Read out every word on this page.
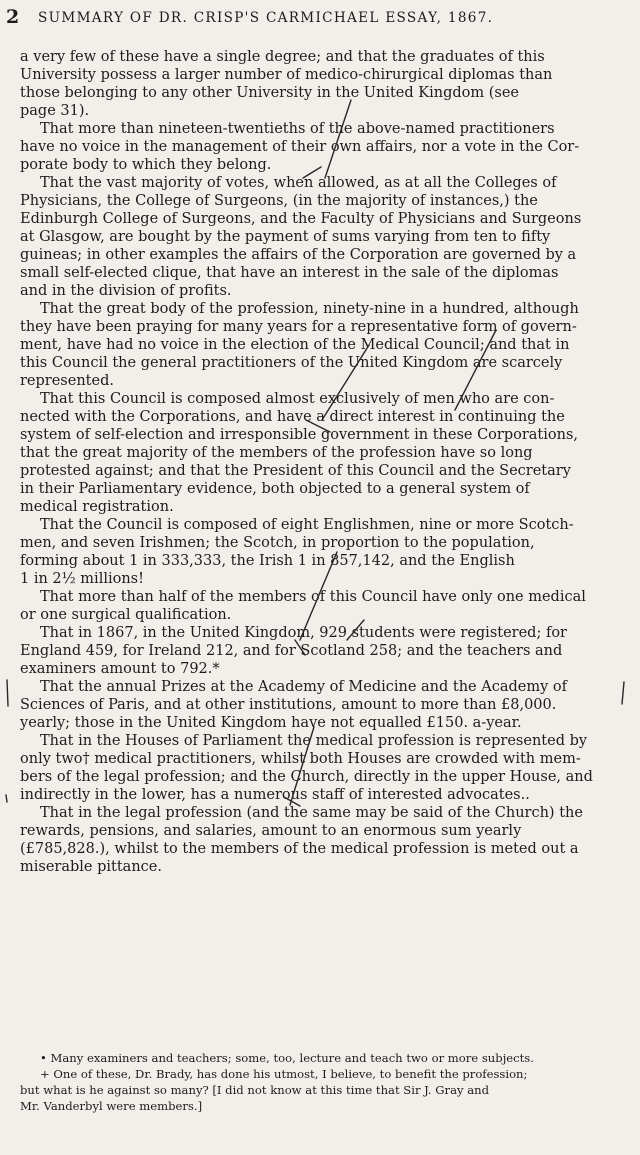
2 SUMMARY OF DR. CRISP'S CARMICHAEL ESSAY, 1867.
a very few of these have a single degree; and that the graduates of this
University possess a larger number of medico-chirurgical diplomas than
those belonging to any other University in the United Kingdom (see
page 31).
That more than nineteen-twentieths of the above-named practitioners
have no voice in the management of their own affairs, nor a vote in the Cor-
porate body to which they belong.
That the vast majority of votes, when allowed, as at all the Colleges of
Physicians, the College of Surgeons, (in the majority of instances,) the
Edinburgh College of Surgeons, and the Faculty of Physicians and Surgeons
at Glasgow, are bought by the payment of sums varying from ten to fifty
guineas; in other examples the affairs of the Corporation are governed by a
small self-elected clique, that have an interest in the sale of the diplomas
and in the division of profits.
That the great body of the profession, ninety-nine in a hundred, although
they have been praying for many years for a representative form of govern-
ment, have had no voice in the election of the Medical Council; and that in
this Council the general practitioners of the United Kingdom are scarcely
represented.
That this Council is composed almost exclusively of men who are con-
nected with the Corporations, and have a direct interest in continuing the
system of self-election and irresponsible government in these Corporations,
that the great majority of the members of the profession have so long
protested against; and that the President of this Council and the Secretary
in their Parliamentary evidence, both objected to a general system of
medical registration.
That the Council is composed of eight Englishmen, nine or more Scotch-
men, and seven Irishmen; the Scotch, in proportion to the population,
forming about 1 in 333,333, the Irish 1 in 857,142, and the English
1 in 2½ millions!
That more than half of the members of this Council have only one medical
or one surgical qualification.
That in 1867, in the United Kingdom, 929 students were registered; for
England 459, for Ireland 212, and for Scotland 258; and the teachers and
examiners amount to 792.*
That the annual Prizes at the Academy of Medicine and the Academy of
Sciences of Paris, and at other institutions, amount to more than £8,000.
yearly; those in the United Kingdom have not equalled £150. a-year.
That in the Houses of Parliament the medical profession is represented by
only two† medical practitioners, whilst both Houses are crowded with mem-
bers of the legal profession; and the Church, directly in the upper House, and
indirectly in the lower, has a numerous staff of interested advocates..
That in the legal profession (and the same may be said of the Church) the
rewards, pensions, and salaries, amount to an enormous sum yearly
(£785,828.), whilst to the members of the medical profession is meted out a
miserable pittance.
• Many examiners and teachers; some, too, lecture and teach two or more subjects.
+ One of these, Dr. Brady, has done his utmost, I believe, to benefit the profession;
but what is he against so many? [I did not know at this time that Sir J. Gray and
Mr. Vanderbyl were members.]
